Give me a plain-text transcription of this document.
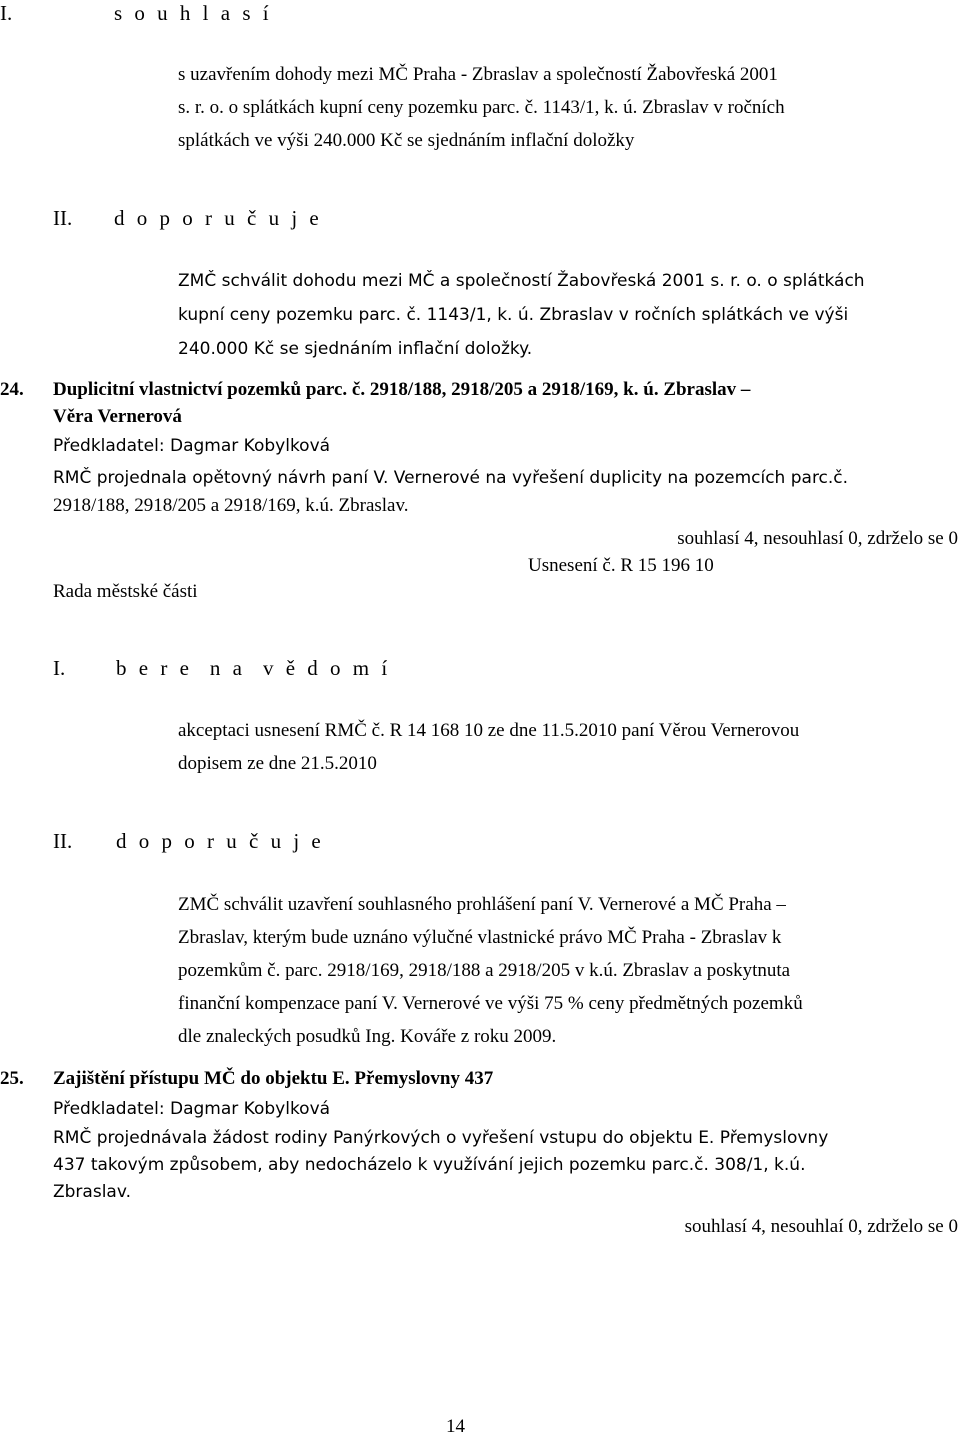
I.	s o u h l a s í
s uzavřením dohody mezi MČ Praha - Zbraslav a společností Žabovřeská 2001
s. r. o. o splátkách kupní ceny pozemku parc. č. 1143/1, k. ú. Zbraslav v ročních
splátkách ve výši 240.000 Kč se sjednáním inflační doložky
II. d o p o r u č u j e
ZMČ schválit dohodu mezi MČ a společností Žabovřeská 2001 s. r. o. o splátkách
kupní ceny pozemku parc. č. 1143/1, k. ú. Zbraslav v ročních splátkách ve výši
240.000 Kč se sjednáním inflační doložky.
24. Duplicitní vlastnictví pozemků parc. č. 2918/188, 2918/205 a 2918/169, k. ú. Zbraslav –
Věra Vernerová
Předkladatel: Dagmar Kobylková
RMČ projednala opětovný návrh paní V. Vernerové na vyřešení duplicity na pozemcích parc.č.
2918/188, 2918/205 a 2918/169, k.ú. Zbraslav.
souhlasí 4, nesouhlasí 0, zdrželo se 0
Usnesení č. R 15 196 10
Rada městské části
I. b e r e  n a  v ě d o m í
akceptaci usnesení RMČ č. R 14 168 10 ze dne 11.5.2010 paní Věrou Vernerovou
dopisem ze dne 21.5.2010
II. d o p o r u č u j e
ZMČ schválit uzavření souhlasného prohlášení paní V. Vernerové a MČ Praha –
Zbraslav, kterým bude uznáno výlučné vlastnické právo MČ Praha - Zbraslav k
pozemkům č. parc. 2918/169, 2918/188 a 2918/205 v k.ú. Zbraslav a poskytnuta
finanční kompenzace paní V. Vernerové ve výši 75 % ceny předmětných pozemků
dle znaleckých posudků Ing. Kováře z roku 2009.
25. Zajištění přístupu MČ do objektu E. Přemyslovny 437
Předkladatel: Dagmar Kobylková
RMČ projednávala žádost rodiny Panýrkových o vyřešení vstupu do objektu E. Přemyslovny
437 takovým způsobem, aby nedocházelo k využívání jejich pozemku parc.č. 308/1, k.ú.
Zbraslav.
souhlasí 4, nesouhlaí 0, zdrželo se 0
14
